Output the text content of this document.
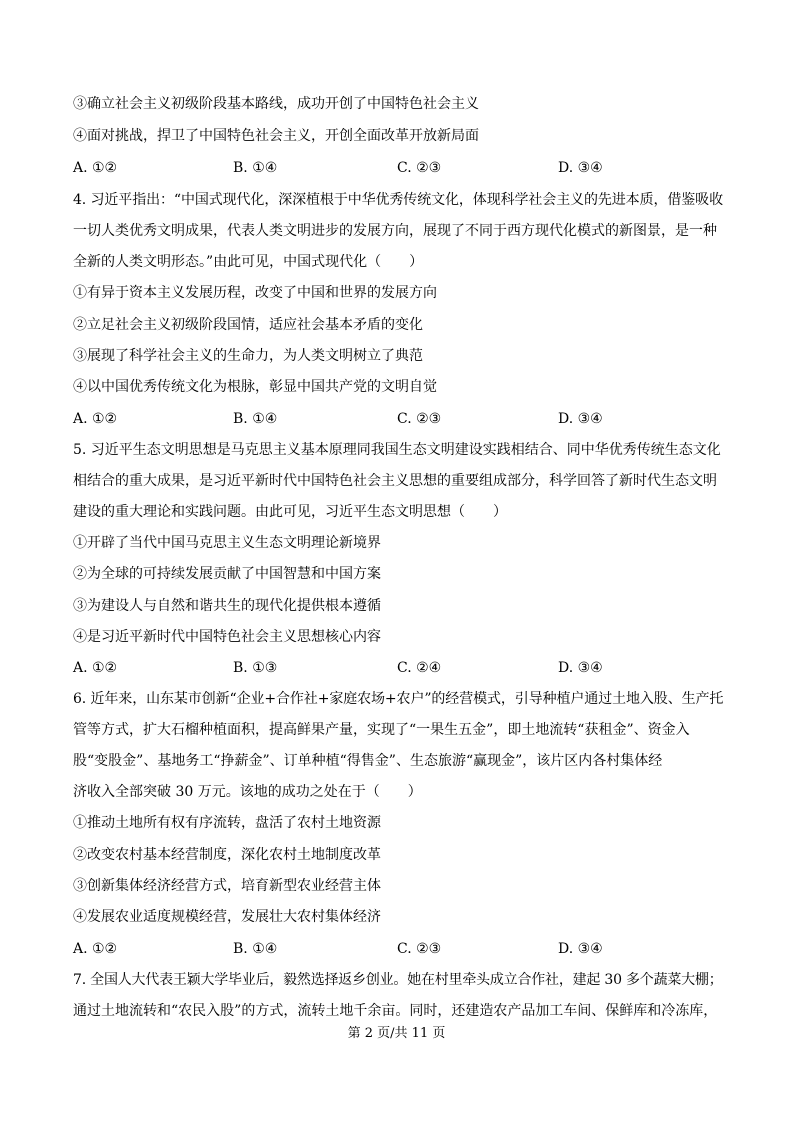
③确立社会主义初级阶段基本路线，成功开创了中国特色社会主义
④面对挑战，捍卫了中国特色社会主义，开创全面改革开放新局面
A. ①②	B. ①④	C. ②③	D. ③④
4. 习近平指出：“中国式现代化，深深植根于中华优秀传统文化，体现科学社会主义的先进本质，借鉴吸收
一切人类优秀文明成果，代表人类文明进步的发展方向，展现了不同于西方现代化模式的新图景，是一种
全新的人类文明形态。”由此可见，中国式现代化（　　）
①有异于资本主义发展历程，改变了中国和世界的发展方向
②立足社会主义初级阶段国情，适应社会基本矛盾的变化
③展现了科学社会主义的生命力，为人类文明树立了典范
④以中国优秀传统文化为根脉，彰显中国共产党的文明自觉
A. ①②	B. ①④	C. ②③	D. ③④
5. 习近平生态文明思想是马克思主义基本原理同我国生态文明建设实践相结合、同中华优秀传统生态文化
相结合的重大成果，是习近平新时代中国特色社会主义思想的重要组成部分，科学回答了新时代生态文明
建设的重大理论和实践问题。由此可见，习近平生态文明思想（　　）
①开辟了当代中国马克思主义生态文明理论新境界
②为全球的可持续发展贡献了中国智慧和中国方案
③为建设人与自然和谐共生的现代化提供根本遵循
④是习近平新时代中国特色社会主义思想核心内容
A. ①②	B. ①③	C. ②④	D. ③④
6. 近年来，山东某市创新“企业+合作社+家庭农场+农户”的经营模式，引导种植户通过土地入股、生产托
管等方式，扩大石榴种植面积，提高鲜果产量，实现了“一果生五金”，即土地流转“获租金”、资金入
股“变股金”、基地务工“挣薪金”、订单种植“得售金”、生态旅游“赢现金”，该片区内各村集体经
济收入全部突破 30 万元。该地的成功之处在于（　　）
①推动土地所有权有序流转，盘活了农村土地资源
②改变农村基本经营制度，深化农村土地制度改革
③创新集体经济经营方式，培育新型农业经营主体
④发展农业适度规模经营，发展壮大农村集体经济
A. ①②	B. ①④	C. ②③	D. ③④
7. 全国人大代表王颖大学毕业后，毅然选择返乡创业。她在村里牵头成立合作社，建起 30 多个蔬菜大棚；
通过土地流转和“农民入股”的方式，流转土地千余亩。同时，还建造农产品加工车间、保鲜库和冷冻库，
第 2 页/共 11 页
